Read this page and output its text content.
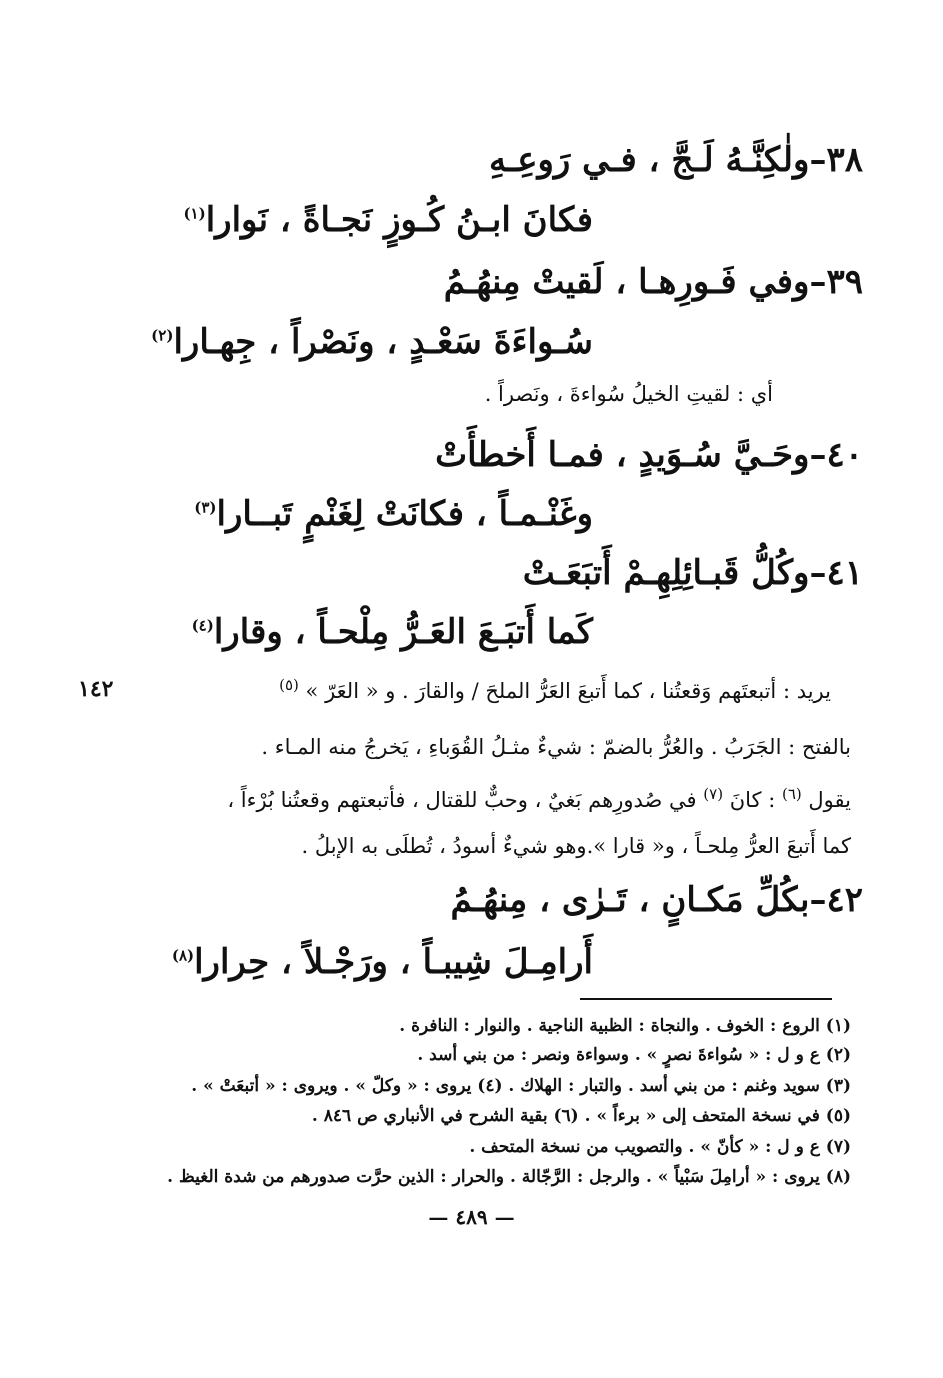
٣٨–ولٰكِنَّـهُ لَـجَّ ، فـي رَوعِـهِ
فكانَ ابـنُ كُـوزٍ نَجـاةً ، نَوارا$^{(١)}$
٣٩–وفي فَـورِهـا ، لَقيتْ مِنهُـمُ
سُـواءَةَ سَعْـدٍ ، ونَصْراً ، جِهـارا$^{(٢)}$
أي : لقيتِ الخيلُ سُواءةَ ، ونَصراً .
٤٠–وحَـيَّ سُـوَيدٍ ، فمـا أَخطأَتْ
وغَنْـمـاً ، فكانَتْ لِغَنْمٍ تَبــارا$^{(٣)}$
٤١–وكُلُّ قَبـائِلِهِـمْ أَتبَعَـتْ
كَما أَتبَـعَ العَـرُّ مِلْحـاً ، وقارا$^{(٤)}$
يريد : أتبعتَهم وَقعتُنا ، كما أَتبعَ العَرُّ الملحَ / والقارَ . و « العَرّ » $^{(٥)}$
١٤٢
بالفتح : الجَرَبُ . والعُرُّ بالضمّ : شيءٌ مثـلُ القُوَباءِ ، يَخرجُ منه المـاء .
يقول $^{(٦)}$ : كانَ $^{(٧)}$ في صُدورِهم بَغيٌ ، وحبٌّ للقتال ، فأتبعتهم وقعتُنا بُرْءاً ،
كما أَتبعَ العرُّ مِلحـاً ، و« قارا ».وهو شيءٌ أسودُ ، تُطلَى به الإبلُ .
٤٢–بكُلِّ مَكـانٍ ، تَـرٰى ، مِنهُـمُ
أَرامِـلَ شِيبـاً ، ورَجْـلاً ، حِرارا$^{(٨)}$
(١) الروع : الخوف . والنجاة : الظبية الناجية . والنوار : النافرة .
(٢) ع و ل : « سُواءةَ نصرٍ » . وسواءة ونصر : من بني أسد .
(٣) سويد وغنم : من بني أسد . والتبار : الهلاك . (٤) يروى : « وكلّ » . ويروى : « أتبعَتْ » .
(٥) في نسخة المتحف إلى « برءاً » . (٦) بقية الشرح في الأنباري ص ٨٤٦ .
(٧) ع و ل : « كأنّ » . والتصويب من نسخة المتحف .
(٨) يروى : « أرامِلَ سَبْياً » . والرجل : الرَّجّالة . والحرار : الذين حرَّت صدورهم من شدة الغيظ .
— ٤٨٩ —
